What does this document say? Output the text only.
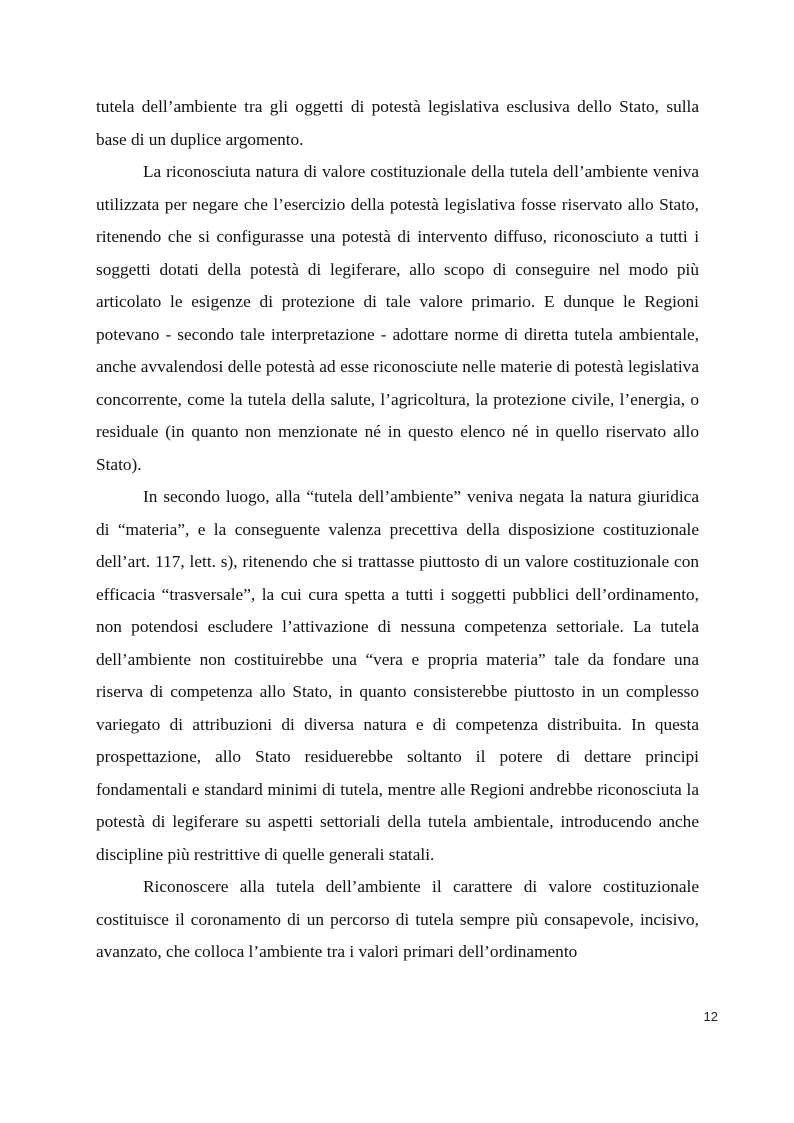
tutela dell’ambiente tra gli oggetti di potestà legislativa esclusiva dello Stato, sulla base di un duplice argomento.

La riconosciuta natura di valore costituzionale della tutela dell’ambiente veniva utilizzata per negare che l’esercizio della potestà legislativa fosse riservato allo Stato, ritenendo che si configurasse una potestà di intervento diffuso, riconosciuto a tutti i soggetti dotati della potestà di legiferare, allo scopo di conseguire nel modo più articolato le esigenze di protezione di tale valore primario. E dunque le Regioni potevano - secondo tale interpretazione - adottare norme di diretta tutela ambientale, anche avvalendosi delle potestà ad esse riconosciute nelle materie di potestà legislativa concorrente, come la tutela della salute, l’agricoltura, la protezione civile, l’energia, o residuale (in quanto non menzionate né in questo elenco né in quello riservato allo Stato).

In secondo luogo, alla “tutela dell’ambiente” veniva negata la natura giuridica di “materia”, e la conseguente valenza precettiva della disposizione costituzionale dell’art. 117, lett. s), ritenendo che si trattasse piuttosto di un valore costituzionale con efficacia “trasversale”, la cui cura spetta a tutti i soggetti pubblici dell’ordinamento, non potendosi escludere l’attivazione di nessuna competenza settoriale. La tutela dell’ambiente non costituirebbe una “vera e propria materia” tale da fondare una riserva di competenza allo Stato, in quanto consisterebbe piuttosto in un complesso variegato di attribuzioni di diversa natura e di competenza distribuita. In questa prospettazione, allo Stato residuerebbe soltanto il potere di dettare principi fondamentali e standard minimi di tutela, mentre alle Regioni andrebbe riconosciuta la potestà di legiferare su aspetti settoriali della tutela ambientale, introducendo anche discipline più restrittive di quelle generali statali.

Riconoscere alla tutela dell’ambiente il carattere di valore costituzionale costituisce il coronamento di un percorso di tutela sempre più consapevole, incisivo, avanzato, che colloca l’ambiente tra i valori primari dell’ordinamento

12
